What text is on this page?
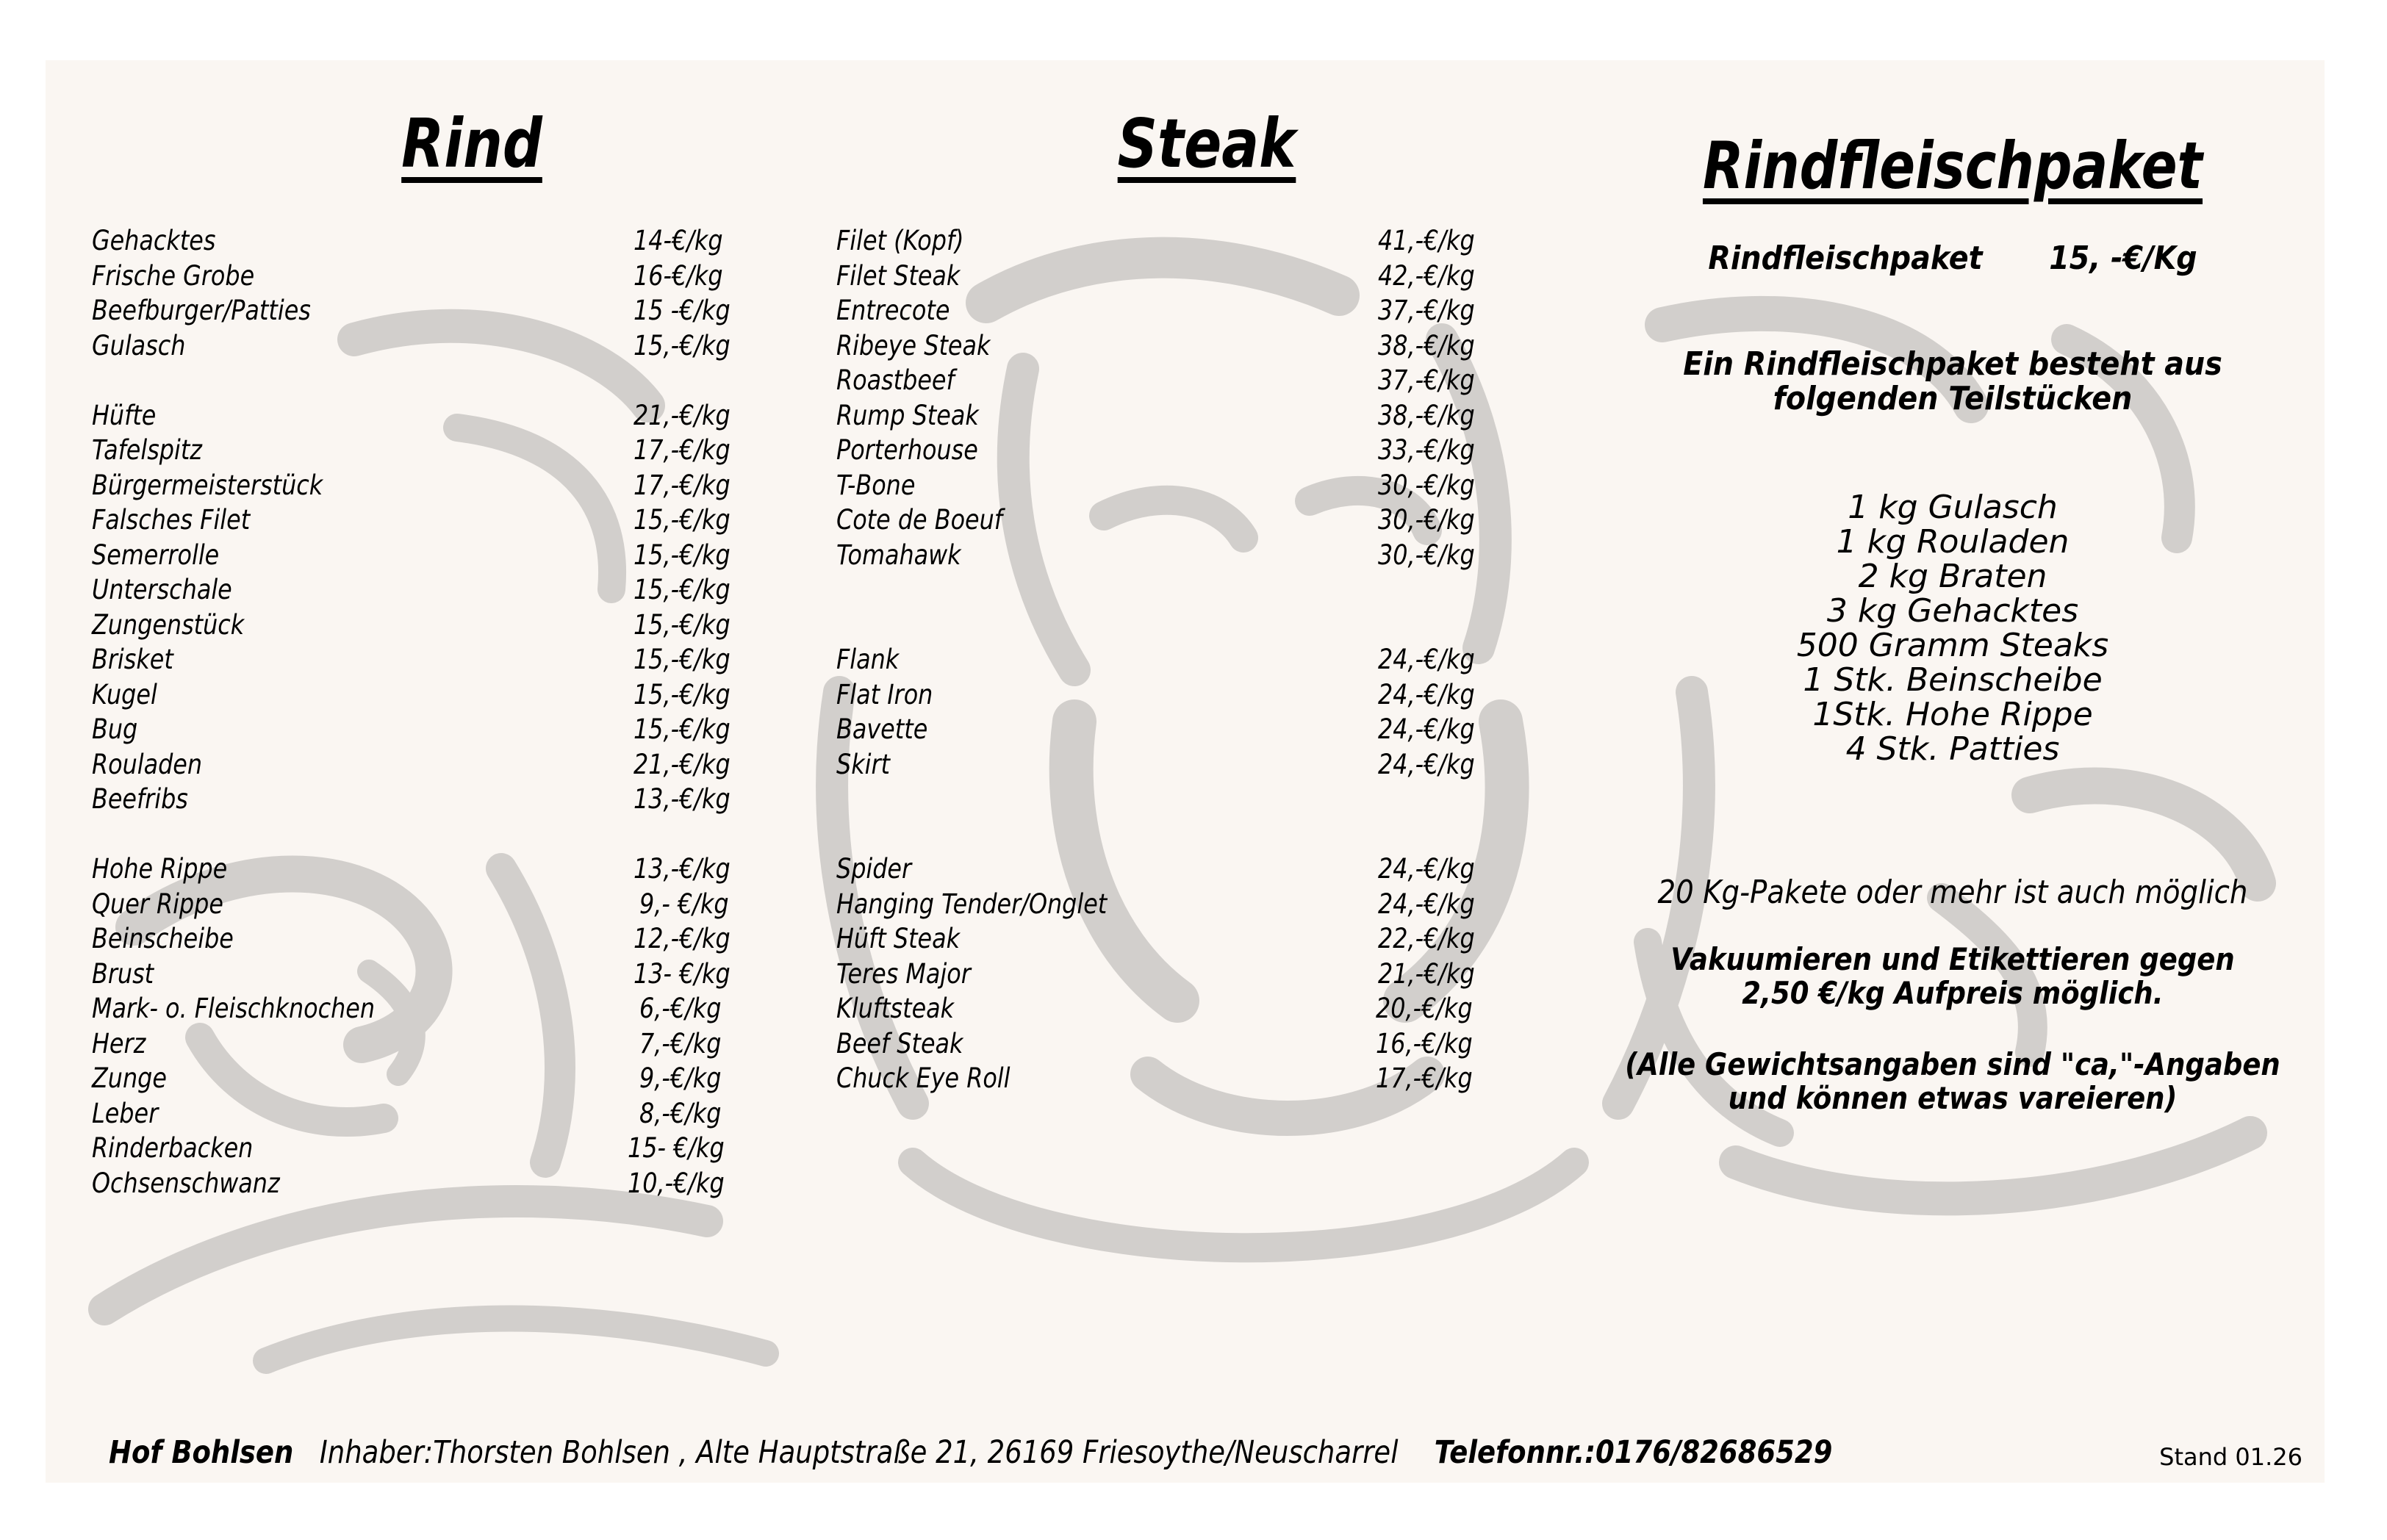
Rind	Steak	Rindfleischpaket
Gehacktes	14-€/kg
Frische Grobe	16-€/kg
Beefburger/Patties	15 -€/kg
Gulasch	15,-€/kg
Hüfte	21,-€/kg
Tafelspitz	17,-€/kg
Bürgermeisterstück	17,-€/kg
Falsches Filet	15,-€/kg
Semerrolle	15,-€/kg
Unterschale	15,-€/kg
Zungenstück	15,-€/kg
Brisket	15,-€/kg
Kugel	15,-€/kg
Bug	15,-€/kg
Rouladen	21,-€/kg
Beefribs	13,-€/kg
Hohe Rippe	13,-€/kg
Quer Rippe	9,- €/kg
Beinscheibe	12,-€/kg
Brust	13- €/kg
Mark- o. Fleischknochen	6,-€/kg
Herz	7,-€/kg
Zunge	9,-€/kg
Leber	8,-€/kg
Rinderbacken	15- €/kg
Ochsenschwanz	10,-€/kg
Filet (Kopf)	41,-€/kg
Filet Steak	42,-€/kg
Entrecote	37,-€/kg
Ribeye Steak	38,-€/kg
Roastbeef	37,-€/kg
Rump Steak	38,-€/kg
Porterhouse	33,-€/kg
T-Bone	30,-€/kg
Cote de Boeuf	30,-€/kg
Tomahawk	30,-€/kg
Flank	24,-€/kg
Flat Iron	24,-€/kg
Bavette	24,-€/kg
Skirt	24,-€/kg
Spider	24,-€/kg
Hanging Tender/Onglet	24,-€/kg
Hüft Steak	22,-€/kg
Teres Major	21,-€/kg
Kluftsteak	20,-€/kg
Beef Steak	16,-€/kg
Chuck Eye Roll	17,-€/kg
Rindfleischpaket 15, -€/Kg
Ein Rindfleischpaket besteht aus
folgenden Teilstücken
1 kg Gulasch
1 kg Rouladen
2 kg Braten
3 kg Gehacktes
500 Gramm Steaks
1 Stk. Beinscheibe
1Stk. Hohe Rippe
4 Stk. Patties
20 Kg-Pakete oder mehr ist auch möglich
Vakuumieren und Etikettieren gegen
2,50 €/kg Aufpreis möglich.
(Alle Gewichtsangaben sind "ca,"-Angaben
und können etwas vareieren)
Hof Bohlsen Inhaber:Thorsten Bohlsen , Alte Hauptstraße 21, 26169 Friesoythe/Neuscharrel Telefonnr.:0176/82686529	Stand 01.26
